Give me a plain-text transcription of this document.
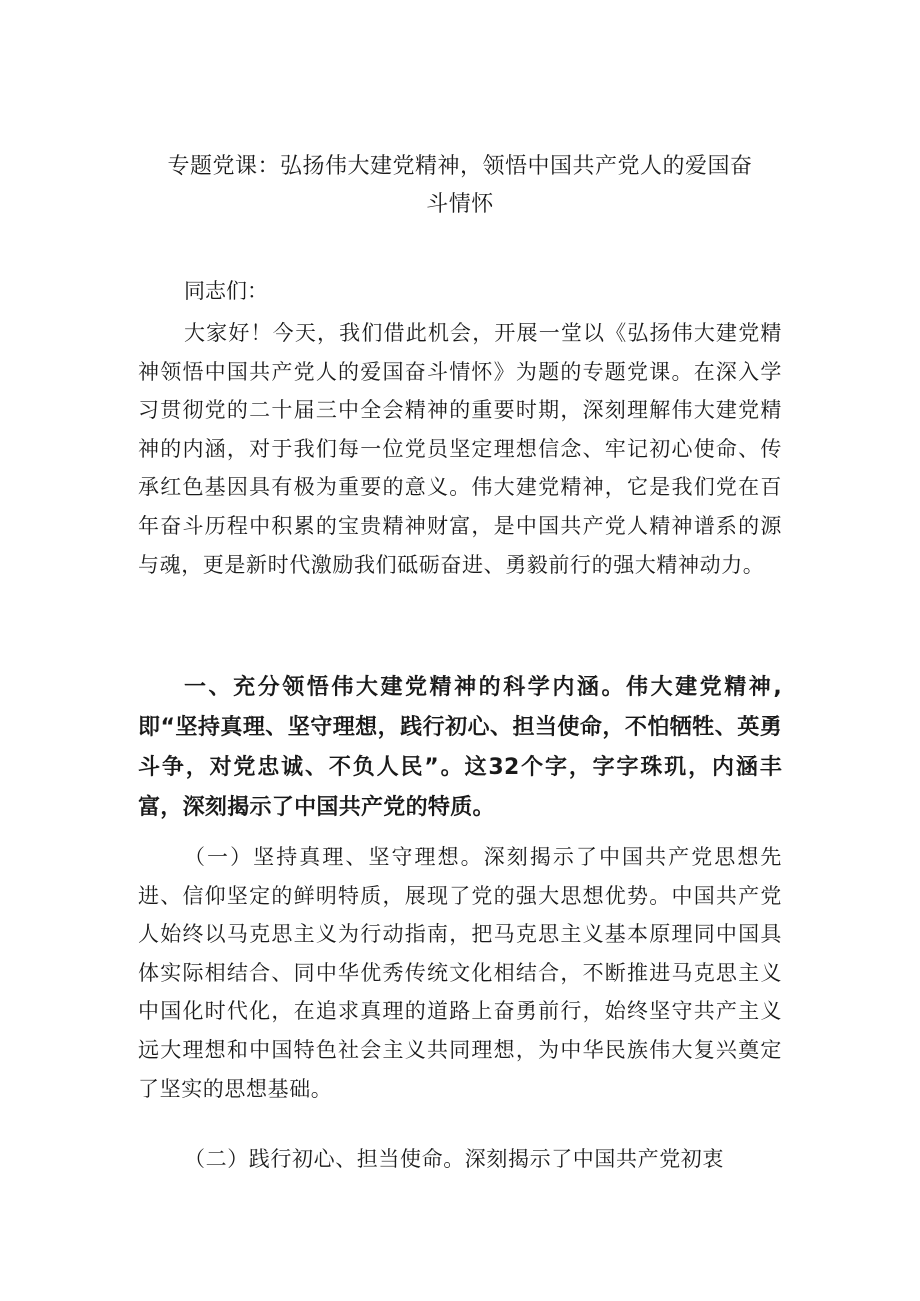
专题党课：弘扬伟大建党精神，领悟中国共产党人的爱国奋
斗情怀

同志们：

大家好！今天，我们借此机会，开展一堂以《弘扬伟大建党精神领悟中国共产党人的爱国奋斗情怀》为题的专题党课。在深入学习贯彻党的二十届三中全会精神的重要时期，深刻理解伟大建党精神的内涵，对于我们每一位党员坚定理想信念、牢记初心使命、传承红色基因具有极为重要的意义。伟大建党精神，它是我们党在百年奋斗历程中积累的宝贵精神财富，是中国共产党人精神谱系的源与魂，更是新时代激励我们砥砺奋进、勇毅前行的强大精神动力。

一、充分领悟伟大建党精神的科学内涵。伟大建党精神,即“坚持真理、坚守理想，践行初心、担当使命，不怕牺牲、英勇斗争，对党忠诚、不负人民”。这32个字，字字珠玑，内涵丰富，深刻揭示了中国共产党的特质。

（一）坚持真理、坚守理想。深刻揭示了中国共产党思想先进、信仰坚定的鲜明特质，展现了党的强大思想优势。中国共产党人始终以马克思主义为行动指南，把马克思主义基本原理同中国具体实际相结合、同中华优秀传统文化相结合，不断推进马克思主义中国化时代化，在追求真理的道路上奋勇前行，始终坚守共产主义远大理想和中国特色社会主义共同理想，为中华民族伟大复兴奠定了坚实的思想基础。

（二）践行初心、担当使命。深刻揭示了中国共产党初衷
